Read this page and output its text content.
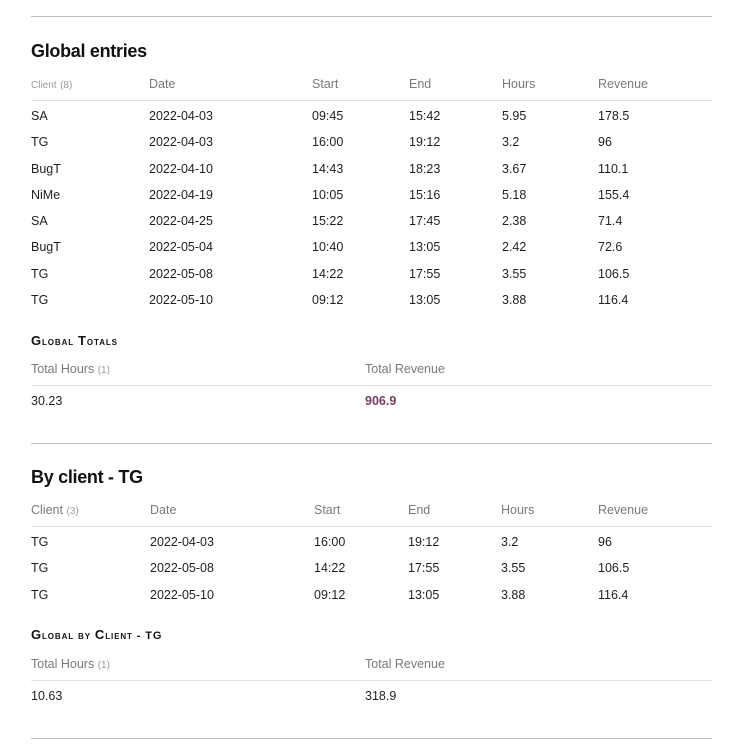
Global entries
Client (8)	Date	Start	End	Hours	Revenue
SA	2022-04-03	09:45	15:42	5.95	178.5
TG	2022-04-03	16:00	19:12	3.2	96
BugT	2022-04-10	14:43	18:23	3.67	110.1
NiMe	2022-04-19	10:05	15:16	5.18	155.4
SA	2022-04-25	15:22	17:45	2.38	71.4
BugT	2022-05-04	10:40	13:05	2.42	72.6
TG	2022-05-08	14:22	17:55	3.55	106.5
TG	2022-05-10	09:12	13:05	3.88	116.4
Global Totals
Total Hours (1)	Total Revenue
30.23	906.9
By client - TG
Client (3)	Date	Start	End	Hours	Revenue
TG	2022-04-03	16:00	19:12	3.2	96
TG	2022-05-08	14:22	17:55	3.55	106.5
TG	2022-05-10	09:12	13:05	3.88	116.4
Global by Client - TG
Total Hours (1)	Total Revenue
10.63	318.9
